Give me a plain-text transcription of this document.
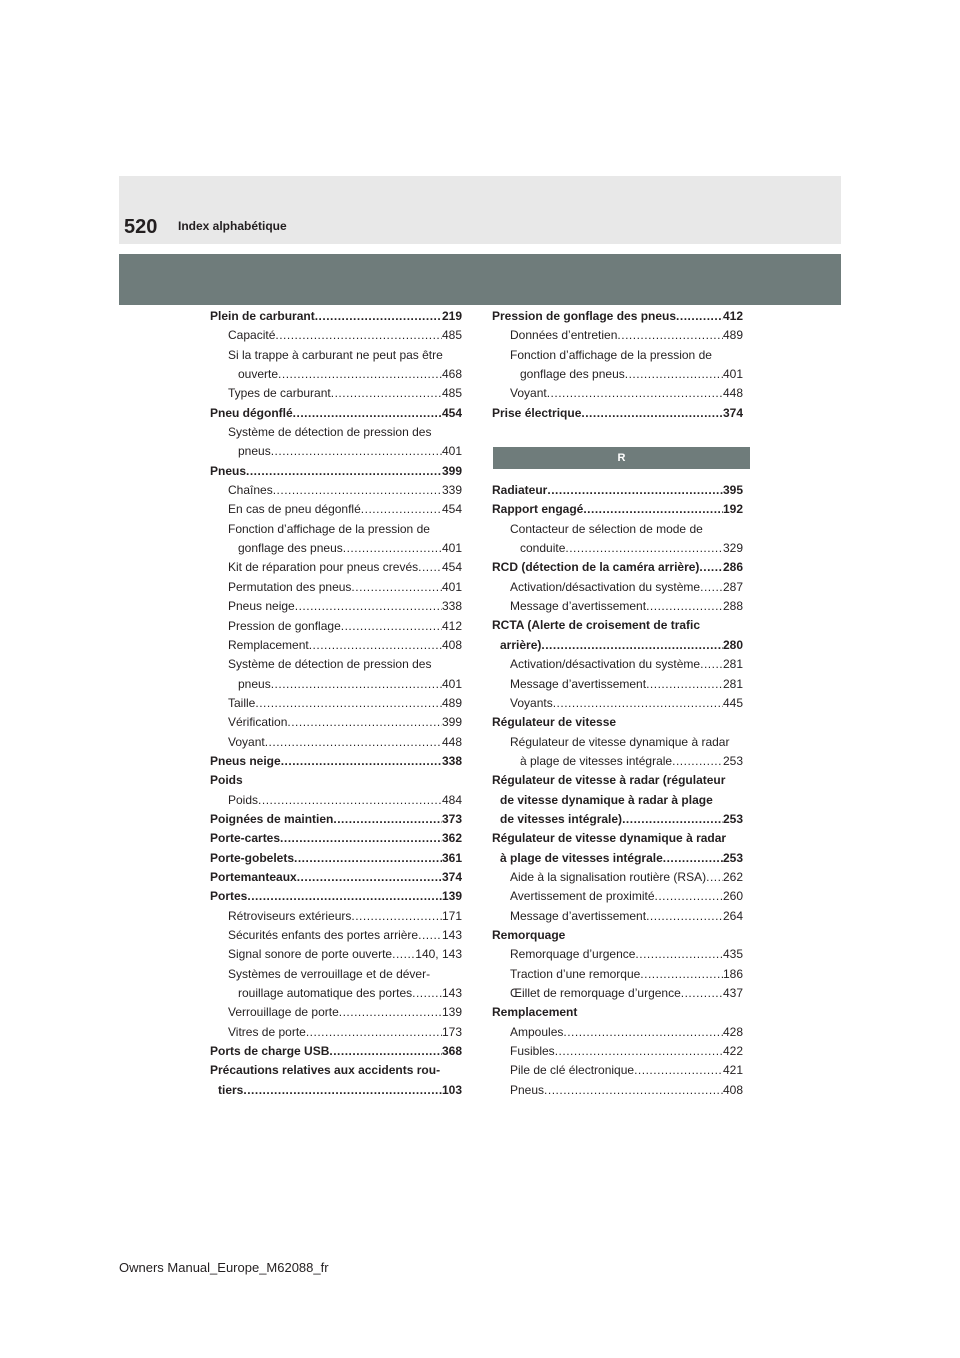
520 Index alphabétique
Plein de carburant .....	219
Capacité .....	485
Si la trappe à carburant ne peut pas être
ouverte .....	468
Types de carburant .....	485
Pneu dégonflé .....	454
Système de détection de pression des
pneus .....	401
Pneus .....	399
Chaînes .....	339
En cas de pneu dégonflé .....	454
Fonction d’affichage de la pression de
gonflage des pneus .....	401
Kit de réparation pour pneus crevés ..... 454
Permutation des pneus .....	401
Pneus neige .....	338
Pression de gonflage .....	412
Remplacement .....	408
Système de détection de pression des
pneus .....	401
Taille .....	489
Vérification .....	399
Voyant .....	448
Pneus neige .....	338
Poids
Poids .....	484
Poignées de maintien .....	373
Porte-cartes .....	362
Porte-gobelets .....	361
Portemanteaux .....	374
Portes .....	139
Rétroviseurs extérieurs .....	171
Sécurités enfants des portes arrière ..... 143
Signal sonore de porte ouverte ..... 140, 143
Systèmes de verrouillage et de déver-
rouillage automatique des portes ..... 143
Verrouillage de porte .....	139
Vitres de porte .....	173
Ports de charge USB .....	368
Précautions relatives aux accidents rou-
tiers .....	103
Pression de gonflage des pneus .....	412
Données d’entretien .....	489
Fonction d’affichage de la pression de
gonflage des pneus .....	401
Voyant .....	448
Prise électrique .....	374
R
Radiateur .....	395
Rapport engagé .....	192
Contacteur de sélection de mode de
conduite .....	329
RCD (détection de la caméra arrière) ..... 286
Activation/désactivation du système ..... 287
Message d’avertissement .....	288
RCTA (Alerte de croisement de trafic
arrière) .....	280
Activation/désactivation du système ..... 281
Message d’avertissement .....	281
Voyants .....	445
Régulateur de vitesse
Régulateur de vitesse dynamique à radar
à plage de vitesses intégrale .....	253
Régulateur de vitesse à radar (régulateur
de vitesse dynamique à radar à plage
de vitesses intégrale) .....	253
Régulateur de vitesse dynamique à radar
à plage de vitesses intégrale .....	253
Aide à la signalisation routière (RSA) ..... 262
Avertissement de proximité .....	260
Message d’avertissement .....	264
Remorquage
Remorquage d’urgence .....	435
Traction d’une remorque .....	186
Œillet de remorquage d’urgence .....	437
Remplacement
Ampoules .....	428
Fusibles .....	422
Pile de clé électronique .....	421
Pneus .....	408
Owners Manual_Europe_M62088_fr
